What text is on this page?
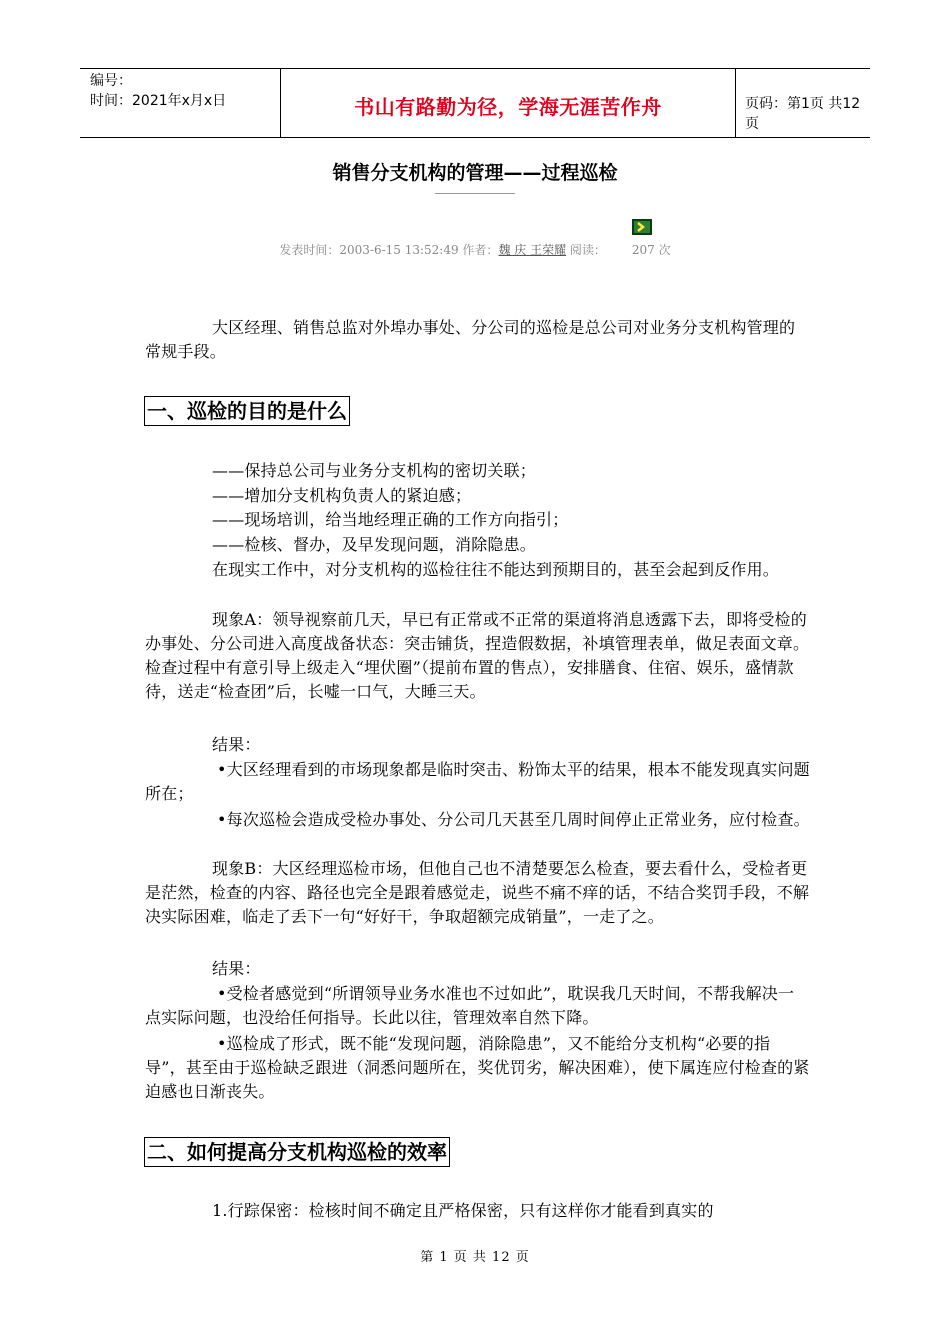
编号：
时间：2021年x月x日	书山有路勤为径，学海无涯苦作舟	页码：第1页 共12页
销售分支机构的管理——过程巡检
发表时间：2003-6-15 13:52:49 作者：魏 庆 王荣耀 阅读： 207 次
大区经理、销售总监对外埠办事处、分公司的巡检是总公司对业务分支机构管理的常规手段。
一、巡检的目的是什么
——保持总公司与业务分支机构的密切关联；
——增加分支机构负责人的紧迫感；
——现场培训，给当地经理正确的工作方向指引；
——检核、督办，及早发现问题，消除隐患。
在现实工作中，对分支机构的巡检往往不能达到预期目的，甚至会起到反作用。
现象A：领导视察前几天，早已有正常或不正常的渠道将消息透露下去，即将受检的办事处、分公司进入高度战备状态：突击铺货，捏造假数据，补填管理表单，做足表面文章。检查过程中有意引导上级走入“埋伏圈”（提前布置的售点），安排膳食、住宿、娱乐，盛情款待，送走“检查团”后，长嘘一口气，大睡三天。
结果：
•大区经理看到的市场现象都是临时突击、粉饰太平的结果，根本不能发现真实问题所在；
•每次巡检会造成受检办事处、分公司几天甚至几周时间停止正常业务，应付检查。
现象B：大区经理巡检市场，但他自己也不清楚要怎么检查，要去看什么，受检者更是茫然，检查的内容、路径也完全是跟着感觉走，说些不痛不痒的话，不结合奖罚手段，不解决实际困难，临走了丢下一句“好好干，争取超额完成销量”，一走了之。
结果：
•受检者感觉到“所谓领导业务水准也不过如此”，耽误我几天时间，不帮我解决一点实际问题，也没给任何指导。长此以往，管理效率自然下降。
•巡检成了形式，既不能“发现问题，消除隐患”，又不能给分支机构“必要的指导”，甚至由于巡检缺乏跟进（洞悉问题所在，奖优罚劣，解决困难），使下属连应付检查的紧迫感也日渐丧失。
二、如何提高分支机构巡检的效率
1.行踪保密：检核时间不确定且严格保密，只有这样你才能看到真实的
第 1 页 共 12 页
